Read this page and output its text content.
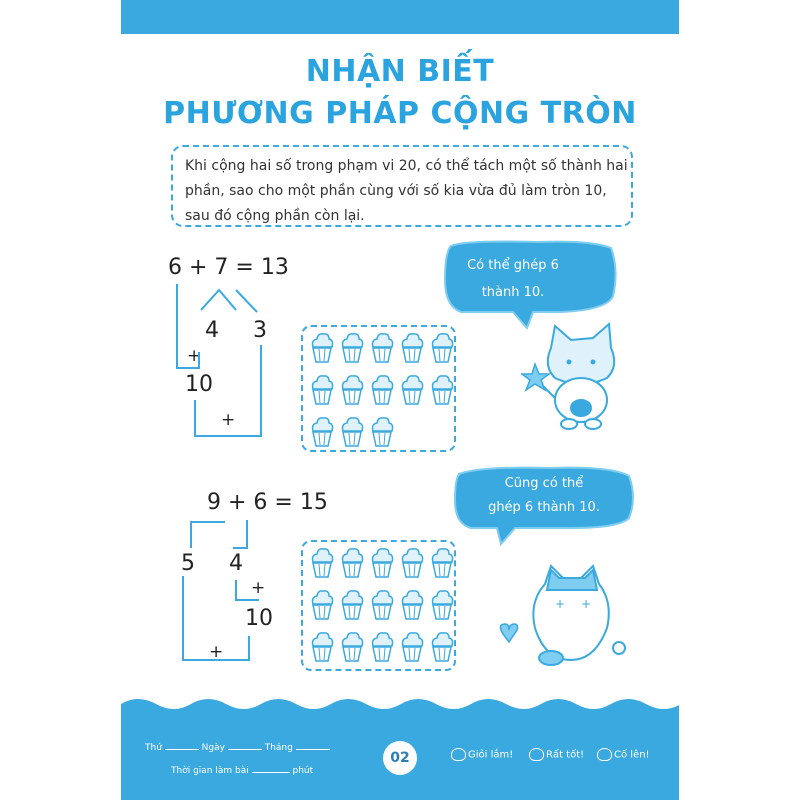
NHẬN BIẾT
PHƯƠNG PHÁP CỘNG TRÒN
Khi cộng hai số trong phạm vi 20, có thể tách một số thành hai
phần, sao cho một phần cùng với số kia vừa đủ làm tròn 10,
sau đó cộng phần còn lại.
6 + 7 = 13
4 3
+
10
+
9 + 6 = 15
5 4
+
10
+
Có thể ghép 6
thành 10.
Cũng có thể
ghép 6 thành 10.
+ +
Thứ	Ngày	Tháng
Thời gian làm bài	phút
02	Giỏi lắm!	Rất tốt!	Cố lên!
